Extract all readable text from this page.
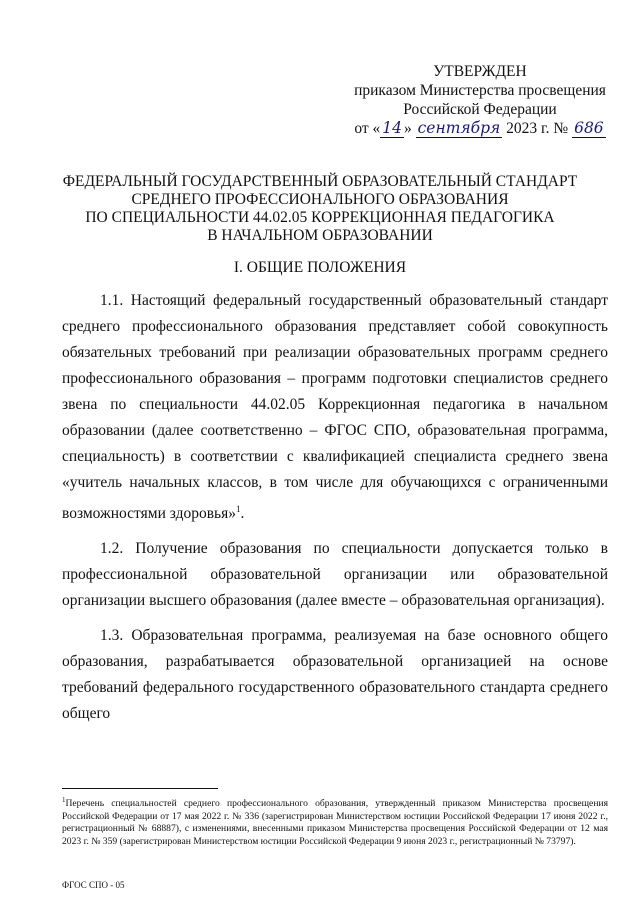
УТВЕРЖДЕН
приказом Министерства просвещения
Российской Федерации
от « 14 » сентября 2023 г. № 686
ФЕДЕРАЛЬНЫЙ ГОСУДАРСТВЕННЫЙ ОБРАЗОВАТЕЛЬНЫЙ СТАНДАРТ
СРЕДНЕГО ПРОФЕССИОНАЛЬНОГО ОБРАЗОВАНИЯ
ПО СПЕЦИАЛЬНОСТИ 44.02.05 КОРРЕКЦИОННАЯ ПЕДАГОГИКА
В НАЧАЛЬНОМ ОБРАЗОВАНИИ
I. ОБЩИЕ ПОЛОЖЕНИЯ

1.1. Настоящий федеральный государственный образовательный стандарт среднего профессионального образования представляет собой совокупность обязательных требований при реализации образовательных программ среднего профессионального образования – программ подготовки специалистов среднего звена по специальности 44.02.05 Коррекционная педагогика в начальном образовании (далее соответственно – ФГОС СПО, образовательная программа, специальность) в соответствии с квалификацией специалиста среднего звена «учитель начальных классов, в том числе для обучающихся с ограниченными возможностями здоровья»$^1$.

1.2. Получение образования по специальности допускается только в профессиональной образовательной организации или образовательной организации высшего образования (далее вместе – образовательная организация).

1.3. Образовательная программа, реализуемая на базе основного общего образования, разрабатывается образовательной организацией на основе требований федерального государственного образовательного стандарта среднего общего

$^1$Перечень специальностей среднего профессионального образования, утвержденный приказом Министерства просвещения Российской Федерации от 17 мая 2022 г. № 336 (зарегистрирован Министерством юстиции Российской Федерации 17 июня 2022 г., регистрационный № 68887), с изменениями, внесенными приказом Министерства просвещения Российской Федерации от 12 мая 2023 г. № 359 (зарегистрирован Министерством юстиции Российской Федерации 9 июня 2023 г., регистрационный № 73797).
ФГОС СПО - 05
